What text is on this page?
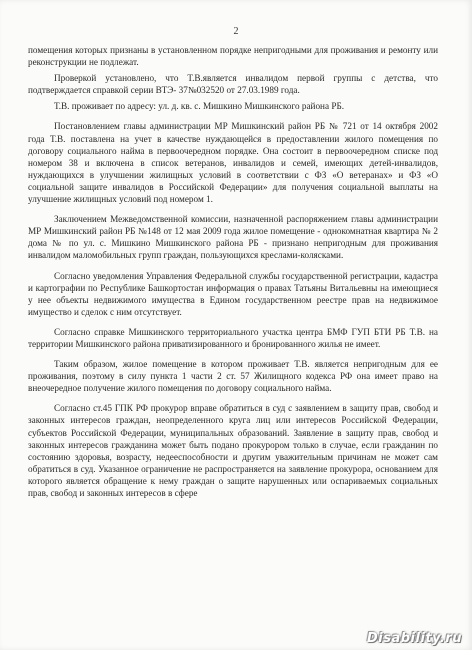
2

помещения которых признаны в установленном порядке непригодными для проживания и ремонту или реконструкции не подлежат.

Проверкой установлено, что Т.В.является инвалидом первой группы с детства, что подтверждается справкой серии ВТЭ- 37№032520 от 27.03.1989 года.

Т.В. проживает по адресу: ул. д. кв. с. Мишкино Мишкинского района РБ.

Постановлением главы администрации МР Мишкинский район РБ № 721 от 14 октября 2002 года Т.В. поставлена на учет в качестве нуждающейся в предоставлении жилого помещения по договору социального найма в первоочередном порядке. Она состоит в первоочередном списке под номером 38 и включена в список ветеранов, инвалидов и семей, имеющих детей-инвалидов, нуждающихся в улучшении жилищных условий в соответствии с ФЗ «О ветеранах» и ФЗ «О социальной защите инвалидов в Российской Федерации» для получения социальной выплаты на улучшение жилищных условий под номером 1.

Заключением Межведомственной комиссии, назначенной распоряжением главы администрации МР Мишкинский район РБ №148 от 12 мая 2009 года жилое помещение - однокомнатная квартира № 2 дома № по ул. с. Мишкино Мишкинского района РБ - признано непригодным для проживания инвалидом маломобильных групп граждан, пользующихся креслами-колясками.

Согласно уведомления Управления Федеральной службы государственной регистрации, кадастра и картографии по Республике Башкортостан информация о правах Татьяны Витальевны на имеющиеся у нее объекты недвижимого имущества в Едином государственном реестре прав на недвижимое имущество и сделок с ним отсутствует.

Согласно справке Мишкинского территориального участка центра БМФ ГУП БТИ РБ Т.В. на территории Мишкинского района приватизированного и бронированного жилья не имеет.

Таким образом, жилое помещение в котором проживает Т.В. является непригодным для ее проживания, поэтому в силу пункта 1 части 2 ст. 57 Жилищного кодекса РФ она имеет право на внеочередное получение жилого помещения по договору социального найма.

Согласно ст.45 ГПК РФ прокурор вправе обратиться в суд с заявлением в защиту прав, свобод и законных интересов граждан, неопределенного круга лиц или интересов Российской Федерации, субъектов Российской Федерации, муниципальных образований. Заявление в защиту прав, свобод и законных интересов гражданина может быть подано прокурором только в случае, если гражданин по состоянию здоровья, возрасту, недееспособности и другим уважительным причинам не может сам обратиться в суд. Указанное ограничение не распространяется на заявление прокурора, основанием для которого является обращение к нему граждан о защите нарушенных или оспариваемых социальных прав, свобод и законных интересов в сфере

Disability.ru
